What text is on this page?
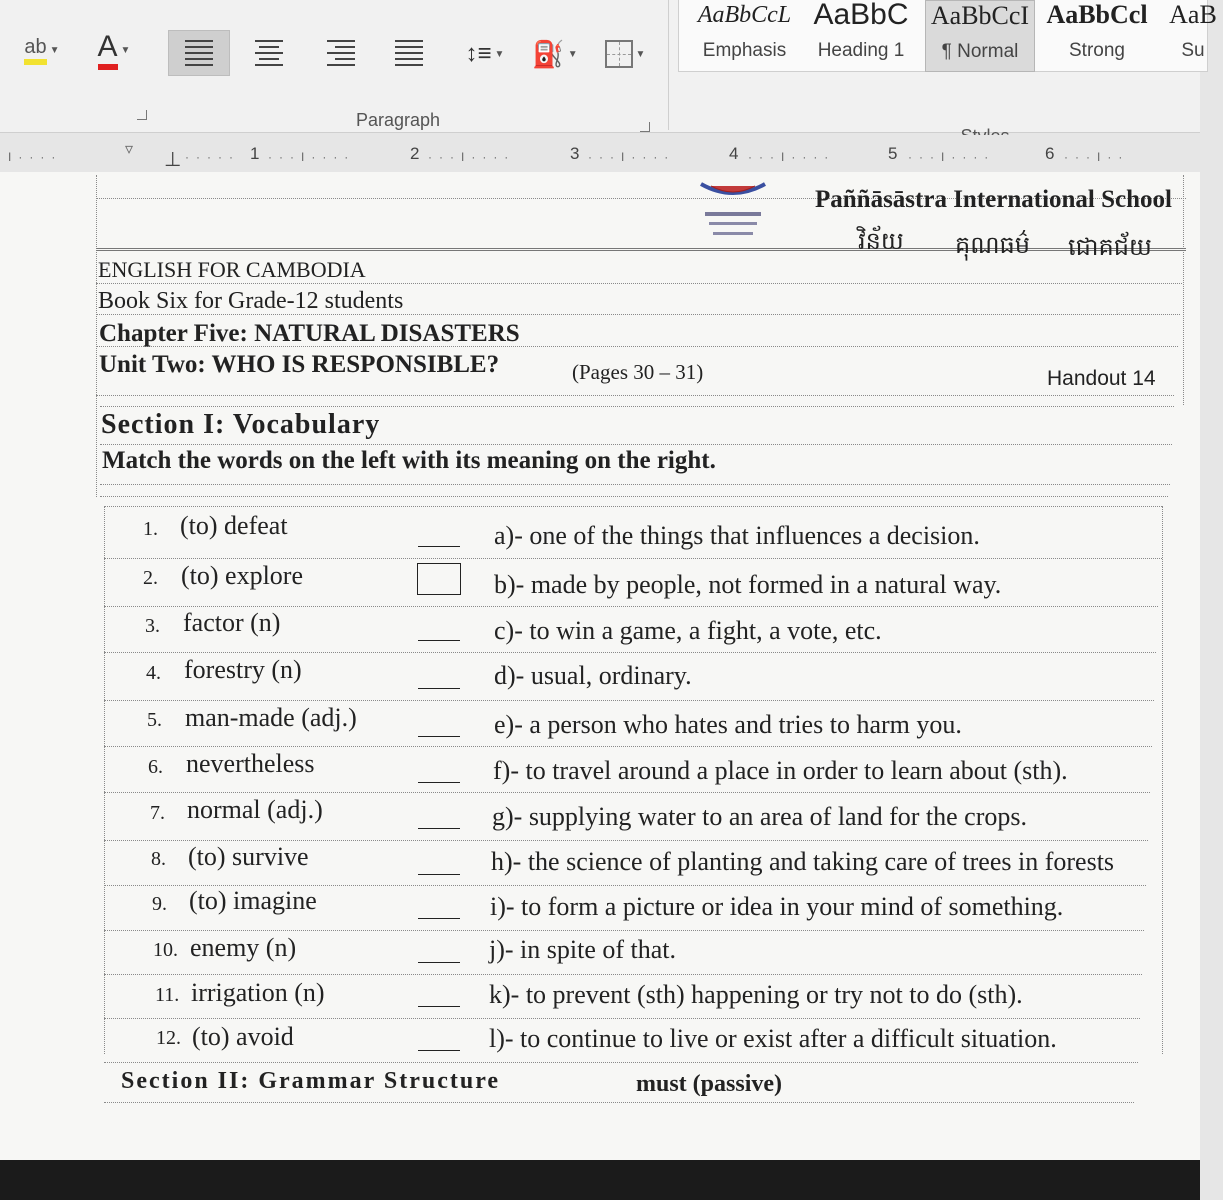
ab ▼ A ▼	↕≡ ▼ ⛽ ▼	▼
Paragraph
AaBbCcL
Emphasis
AaBbC
Heading 1
AaBbCcI
¶ Normal
AaBbCcl
Strong
AaB
Su
I····	▿ ⊥ ····· 1 ···I····	2 ···I····	3 ···I····	4 ···I····	5 ···I····	6 ···I··
Paññāsāstra International School
វិន័យ គុណធម៌ ជោគជ័យ
ENGLISH FOR CAMBODIA
Book Six for Grade-12 students
Chapter Five: NATURAL DISASTERS
Unit Two: WHO IS RESPONSIBLE?	(Pages 30 – 31)	Handout 14
Section I: Vocabulary
Match the words on the left with its meaning on the right.
1. (to) defeat	a)- one of the things that influences a decision.
2. (to) explore	b)- made by people, not formed in a natural way.
3. factor (n)	c)- to win a game, a fight, a vote, etc.
4. forestry (n)	d)- usual, ordinary.
5. man-made (adj.)	e)- a person who hates and tries to harm you.
6. nevertheless	f)- to travel around a place in order to learn about (sth).
7. normal (adj.)	g)- supplying water to an area of land for the crops.
8. (to) survive	h)- the science of planting and taking care of trees in forests
9. (to) imagine	i)- to form a picture or idea in your mind of something.
10. enemy (n)	j)- in spite of that.
11. irrigation (n)	k)- to prevent (sth) happening or try not to do (sth).
12. (to) avoid	l)- to continue to live or exist after a difficult situation.
Section II: Grammar Structure	must (passive)
